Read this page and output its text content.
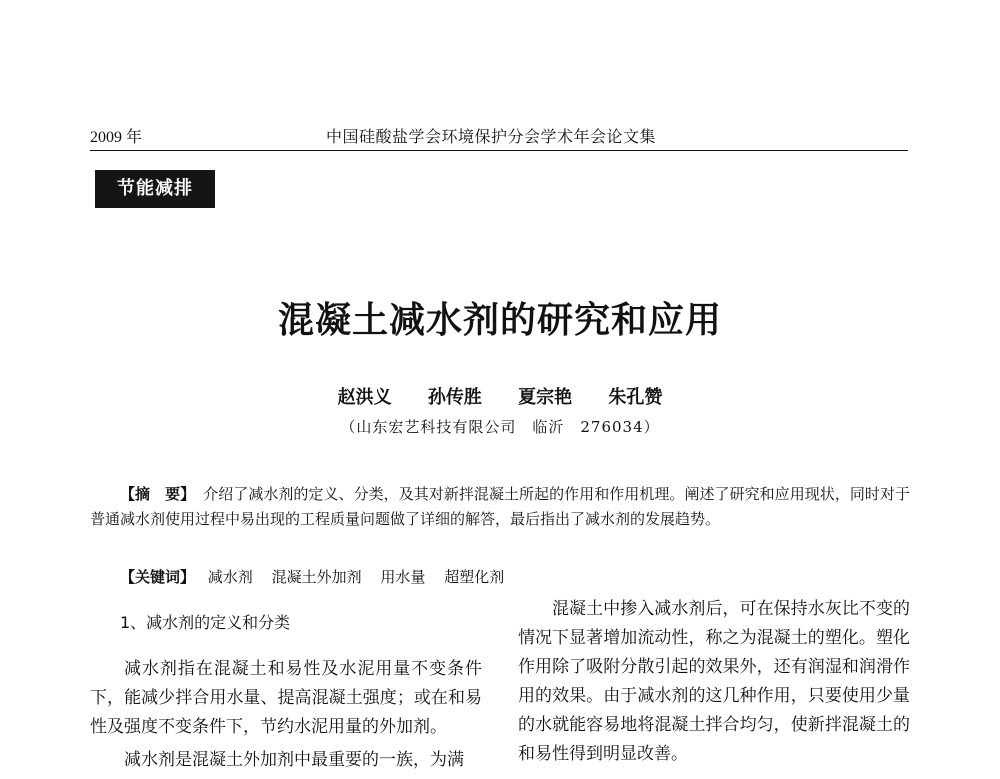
2009 年	中国硅酸盐学会环境保护分会学术年会论文集
节能减排
混凝土减水剂的研究和应用
赵洪义 孙传胜 夏宗艳 朱孔赞
（山东宏艺科技有限公司　临沂　276034）
【摘　要】 介绍了减水剂的定义、分类，及其对新拌混凝土所起的作用和作用机理。阐述了研究和应用现状，同时对于普通减水剂使用过程中易出现的工程质量问题做了详细的解答，最后指出了减水剂的发展趋势。
【关键词】 减水剂 混凝土外加剂 用水量 超塑化剂
1、减水剂的定义和分类

减水剂指在混凝土和易性及水泥用量不变条件下，能减少拌合用水量、提高混凝土强度；或在和易性及强度不变条件下，节约水泥用量的外加剂。

减水剂是混凝土外加剂中最重要的一族，为满

混凝土中掺入减水剂后，可在保持水灰比不变的情况下显著增加流动性，称之为混凝土的塑化。塑化作用除了吸附分散引起的效果外，还有润湿和润滑作用的效果。由于减水剂的这几种作用，只要使用少量的水就能容易地将混凝土拌合均匀，使新拌混凝土的和易性得到明显改善。
